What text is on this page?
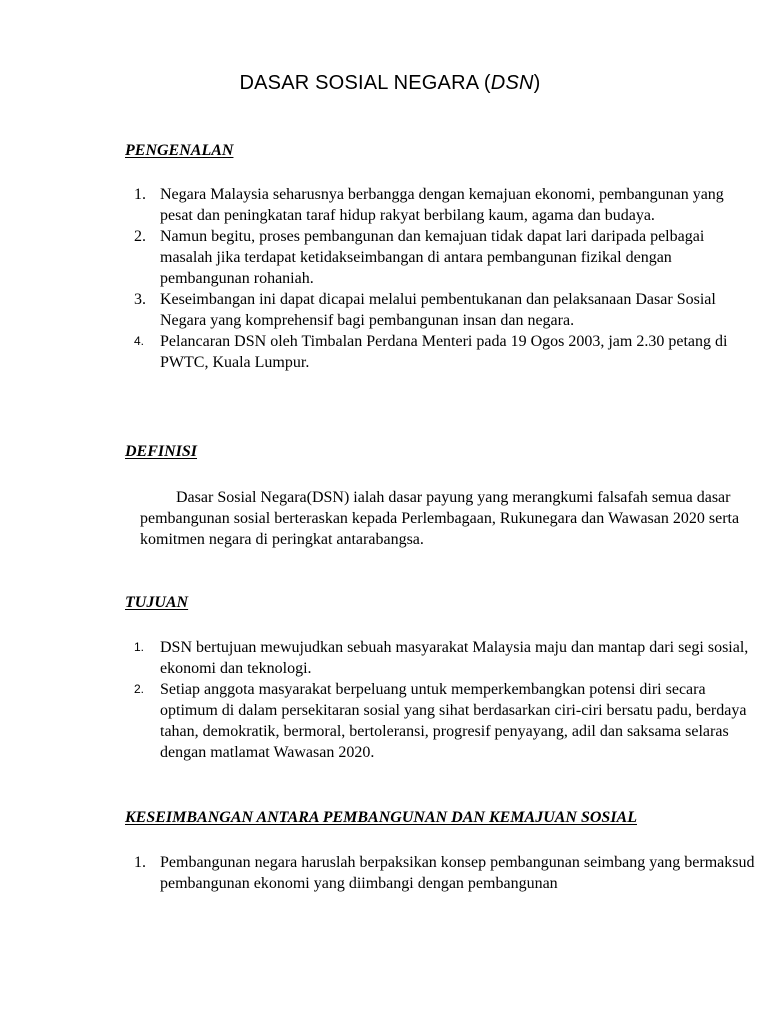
DASAR SOSIAL NEGARA (DSN)
PENGENALAN
1. Negara Malaysia seharusnya berbangga dengan kemajuan ekonomi, pembangunan yang pesat dan peningkatan taraf hidup rakyat berbilang kaum, agama dan budaya.
2. Namun begitu, proses pembangunan dan kemajuan tidak dapat lari daripada pelbagai masalah jika terdapat ketidakseimbangan di antara pembangunan fizikal dengan pembangunan rohaniah.
3. Keseimbangan ini dapat dicapai melalui pembentukanan dan pelaksanaan Dasar Sosial Negara yang komprehensif bagi pembangunan insan dan negara.
4. Pelancaran DSN oleh Timbalan Perdana Menteri pada 19 Ogos 2003, jam 2.30 petang di PWTC, Kuala Lumpur.
DEFINISI
Dasar Sosial Negara(DSN) ialah dasar payung yang merangkumi falsafah semua dasar pembangunan sosial berteraskan kepada Perlembagaan, Rukunegara dan Wawasan 2020 serta komitmen negara di peringkat antarabangsa.
TUJUAN
1. DSN bertujuan mewujudkan sebuah masyarakat Malaysia maju dan mantap dari segi sosial, ekonomi dan teknologi.
2. Setiap anggota masyarakat berpeluang untuk memperkembangkan potensi diri secara optimum di dalam persekitaran sosial yang sihat berdasarkan ciri-ciri bersatu padu, berdaya tahan, demokratik, bermoral, bertoleransi, progresif penyayang, adil dan saksama selaras dengan matlamat Wawasan 2020.
KESEIMBANGAN ANTARA PEMBANGUNAN DAN KEMAJUAN SOSIAL
1. Pembangunan negara haruslah berpaksikan konsep pembangunan seimbang yang bermaksud pembangunan ekonomi yang diimbangi dengan pembangunan
